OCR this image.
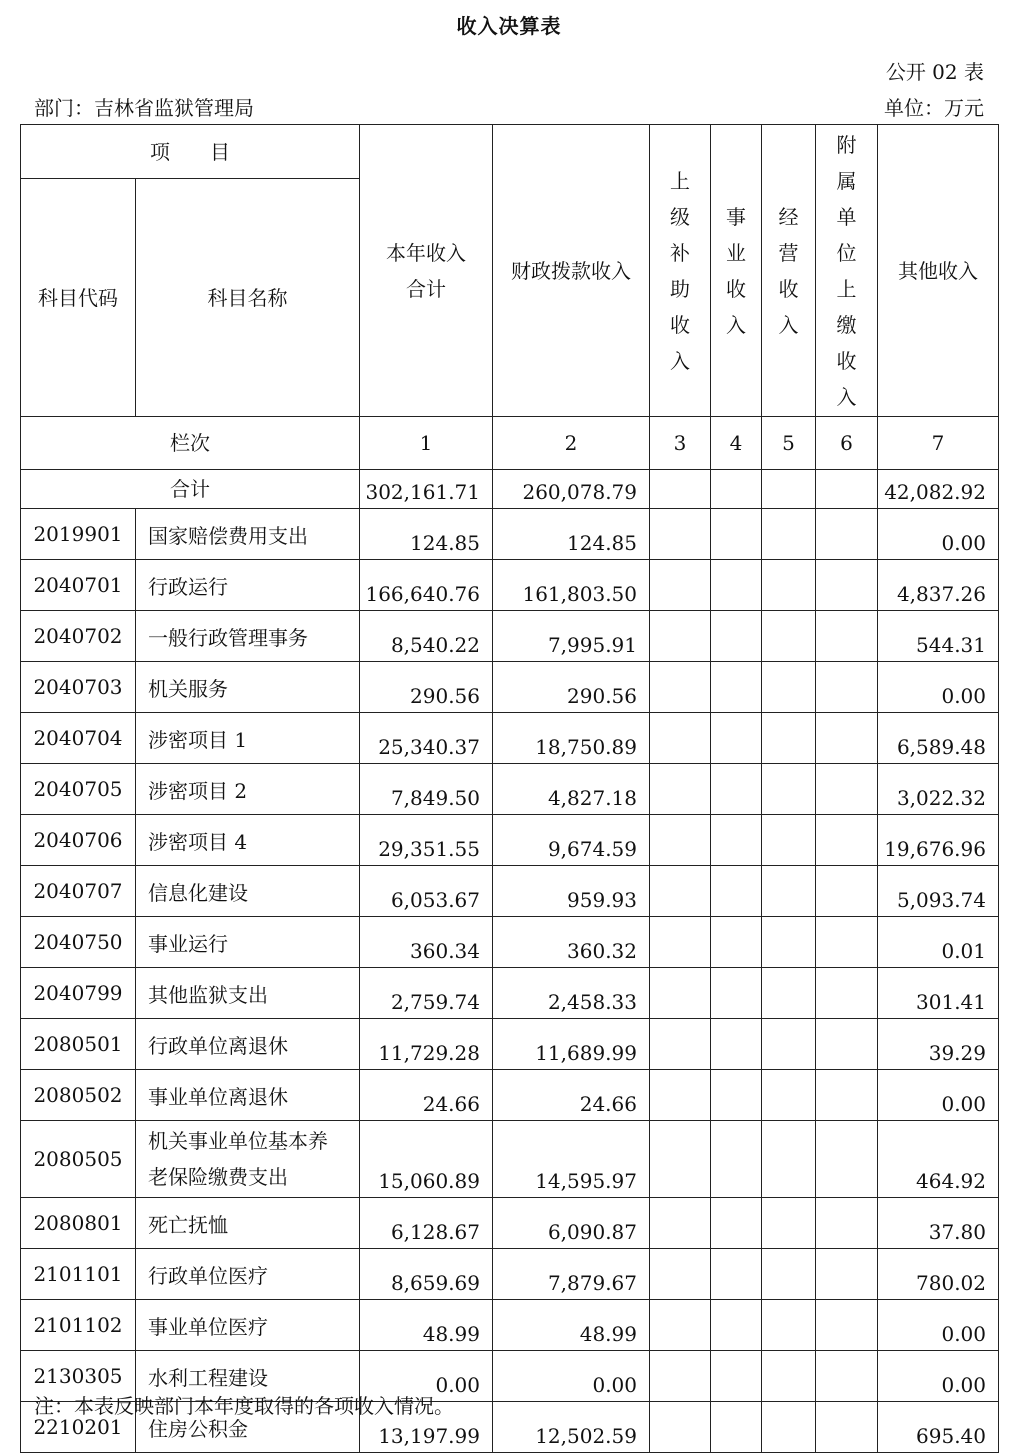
收入决算表
公开 02 表
部门：吉林省监狱管理局	单位：万元
项　　目		本年收入合计	财政拨款收入	上级补助收入	事业收入	经营收入	附属单位上缴收入	其他收入
科目代码	科目名称							
栏次		1	2	3	4	5	6	7
合计		302,161.71	260,078.79					42,082.92
2019901	国家赔偿费用支出	124.85	124.85					0.00
2040701	行政运行	166,640.76	161,803.50					4,837.26
2040702	一般行政管理事务	8,540.22	7,995.91					544.31
2040703	机关服务	290.56	290.56					0.00
2040704	涉密项目 1	25,340.37	18,750.89					6,589.48
2040705	涉密项目 2	7,849.50	4,827.18					3,022.32
2040706	涉密项目 4	29,351.55	9,674.59					19,676.96
2040707	信息化建设	6,053.67	959.93					5,093.74
2040750	事业运行	360.34	360.32					0.01
2040799	其他监狱支出	2,759.74	2,458.33					301.41
2080501	行政单位离退休	11,729.28	11,689.99					39.29
2080502	事业单位离退休	24.66	24.66					0.00
2080505	机关事业单位基本养
老保险缴费支出	15,060.89	14,595.97					464.92
2080801	死亡抚恤	6,128.67	6,090.87					37.80
2101101	行政单位医疗	8,659.69	7,879.67					780.02
2101102	事业单位医疗	48.99	48.99					0.00
2130305	水利工程建设	0.00	0.00					0.00
2210201	住房公积金	13,197.99	12,502.59					695.40
注：本表反映部门本年度取得的各项收入情况。
